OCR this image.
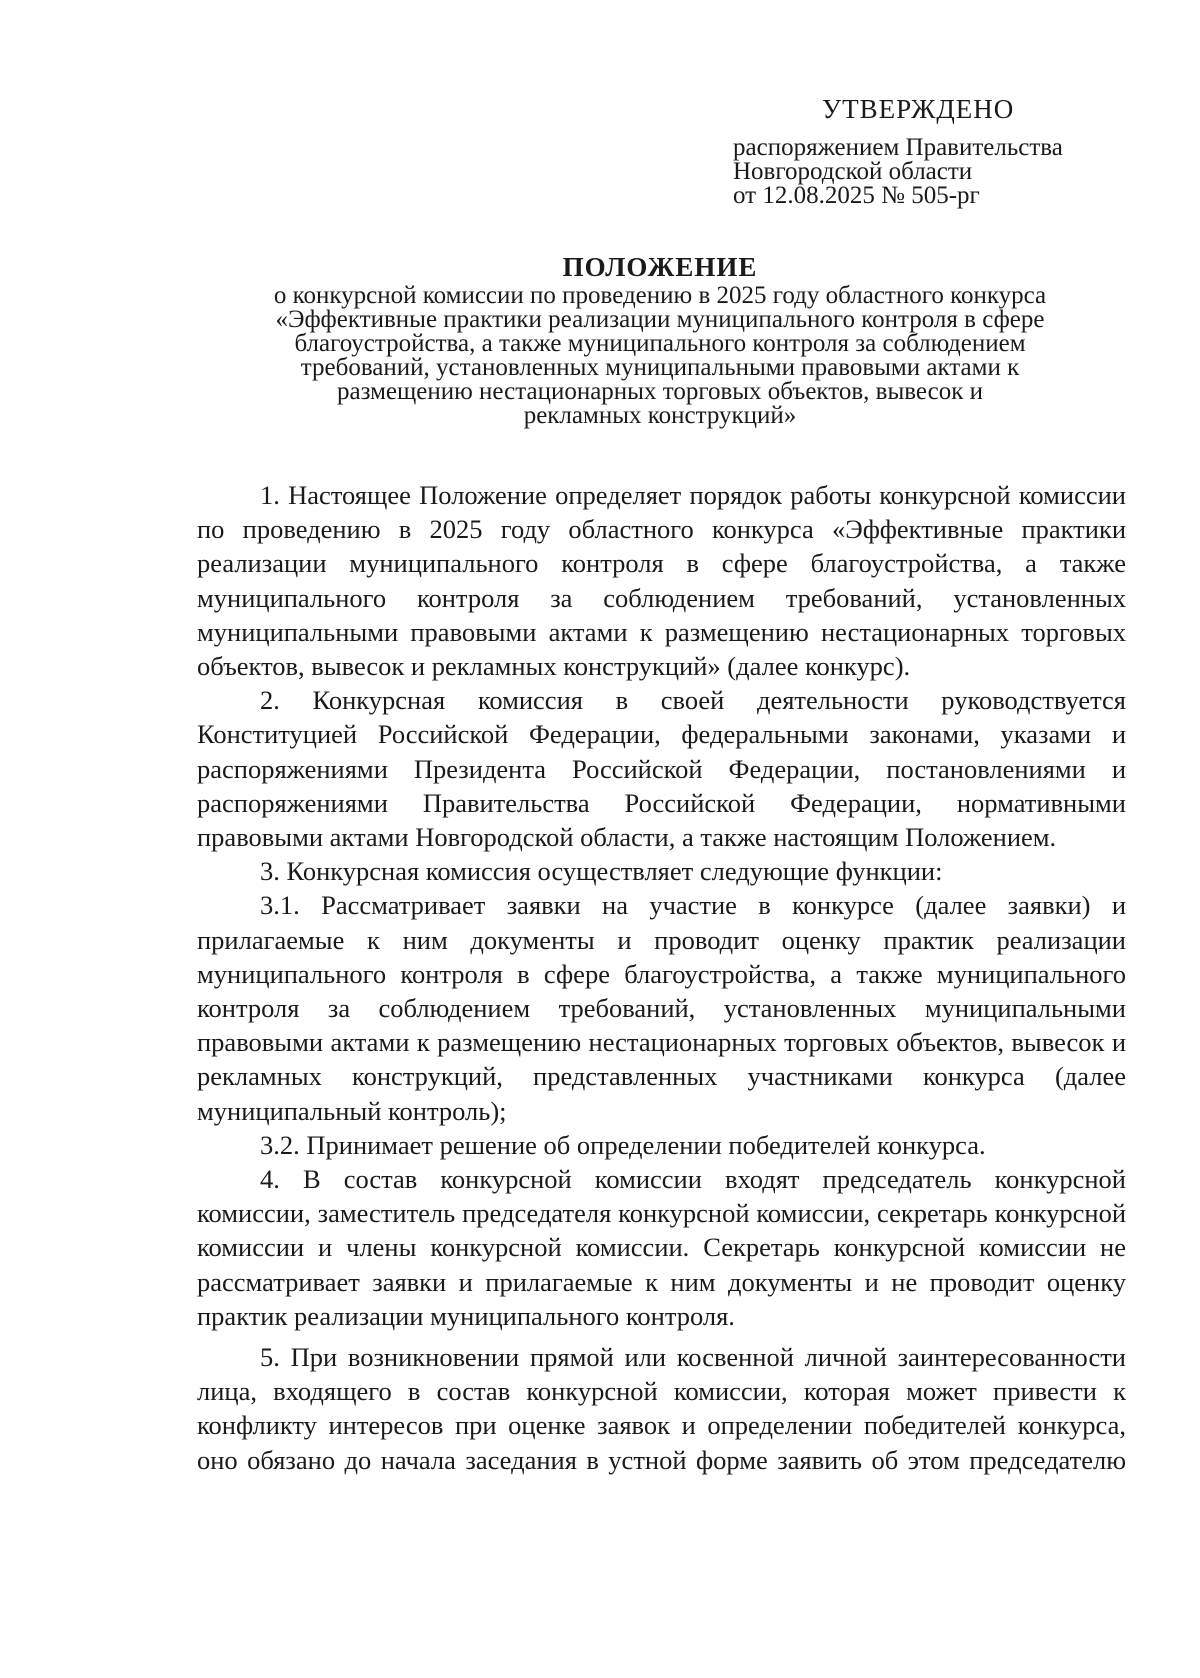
УТВЕРЖДЕНО
распоряжением Правительства
Новгородской области
от 12.08.2025 № 505-рг
ПОЛОЖЕНИЕ
о конкурсной комиссии по проведению в 2025 году областного конкурса
«Эффективные практики реализации муниципального контроля в сфере
благоустройства, а также муниципального контроля за соблюдением
требований, установленных муниципальными правовыми актами к
размещению нестационарных торговых объектов, вывесок и
рекламных конструкций»

1. Настоящее Положение определяет порядок работы конкурсной комиссии по проведению в 2025 году областного конкурса «Эффективные практики реализации муниципального контроля в сфере благоустройства, а также муниципального контроля за соблюдением требований, установленных муниципальными правовыми актами к размещению нестационарных торговых объектов, вывесок и рекламных конструкций» (далее конкурс).

2. Конкурсная комиссия в своей деятельности руководствуется Конституцией Российской Федерации, федеральными законами, указами и распоряжениями Президента Российской Федерации, постановлениями и распоряжениями Правительства Российской Федерации, нормативными правовыми актами Новгородской области, а также настоящим Положением.

3. Конкурсная комиссия осуществляет следующие функции:

3.1. Рассматривает заявки на участие в конкурсе (далее заявки) и прилагаемые к ним документы и проводит оценку практик реализации муниципального контроля в сфере благоустройства, а также муниципального контроля за соблюдением требований, установленных муниципальными правовыми актами к размещению нестационарных торговых объектов, вывесок и рекламных конструкций, представленных участниками конкурса (далее муниципальный контроль);

3.2. Принимает решение об определении победителей конкурса.

4. В состав конкурсной комиссии входят председатель конкурсной комиссии, заместитель председателя конкурсной комиссии, секретарь конкурсной комиссии и члены конкурсной комиссии. Секретарь конкурсной комиссии не рассматривает заявки и прилагаемые к ним документы и не проводит оценку практик реализации муниципального контроля.

5. При возникновении прямой или косвенной личной заинтересованности лица, входящего в состав конкурсной комиссии, которая может привести к конфликту интересов при оценке заявок и определении победителей конкурса, оно обязано до начала заседания в устной форме заявить об этом председателю
